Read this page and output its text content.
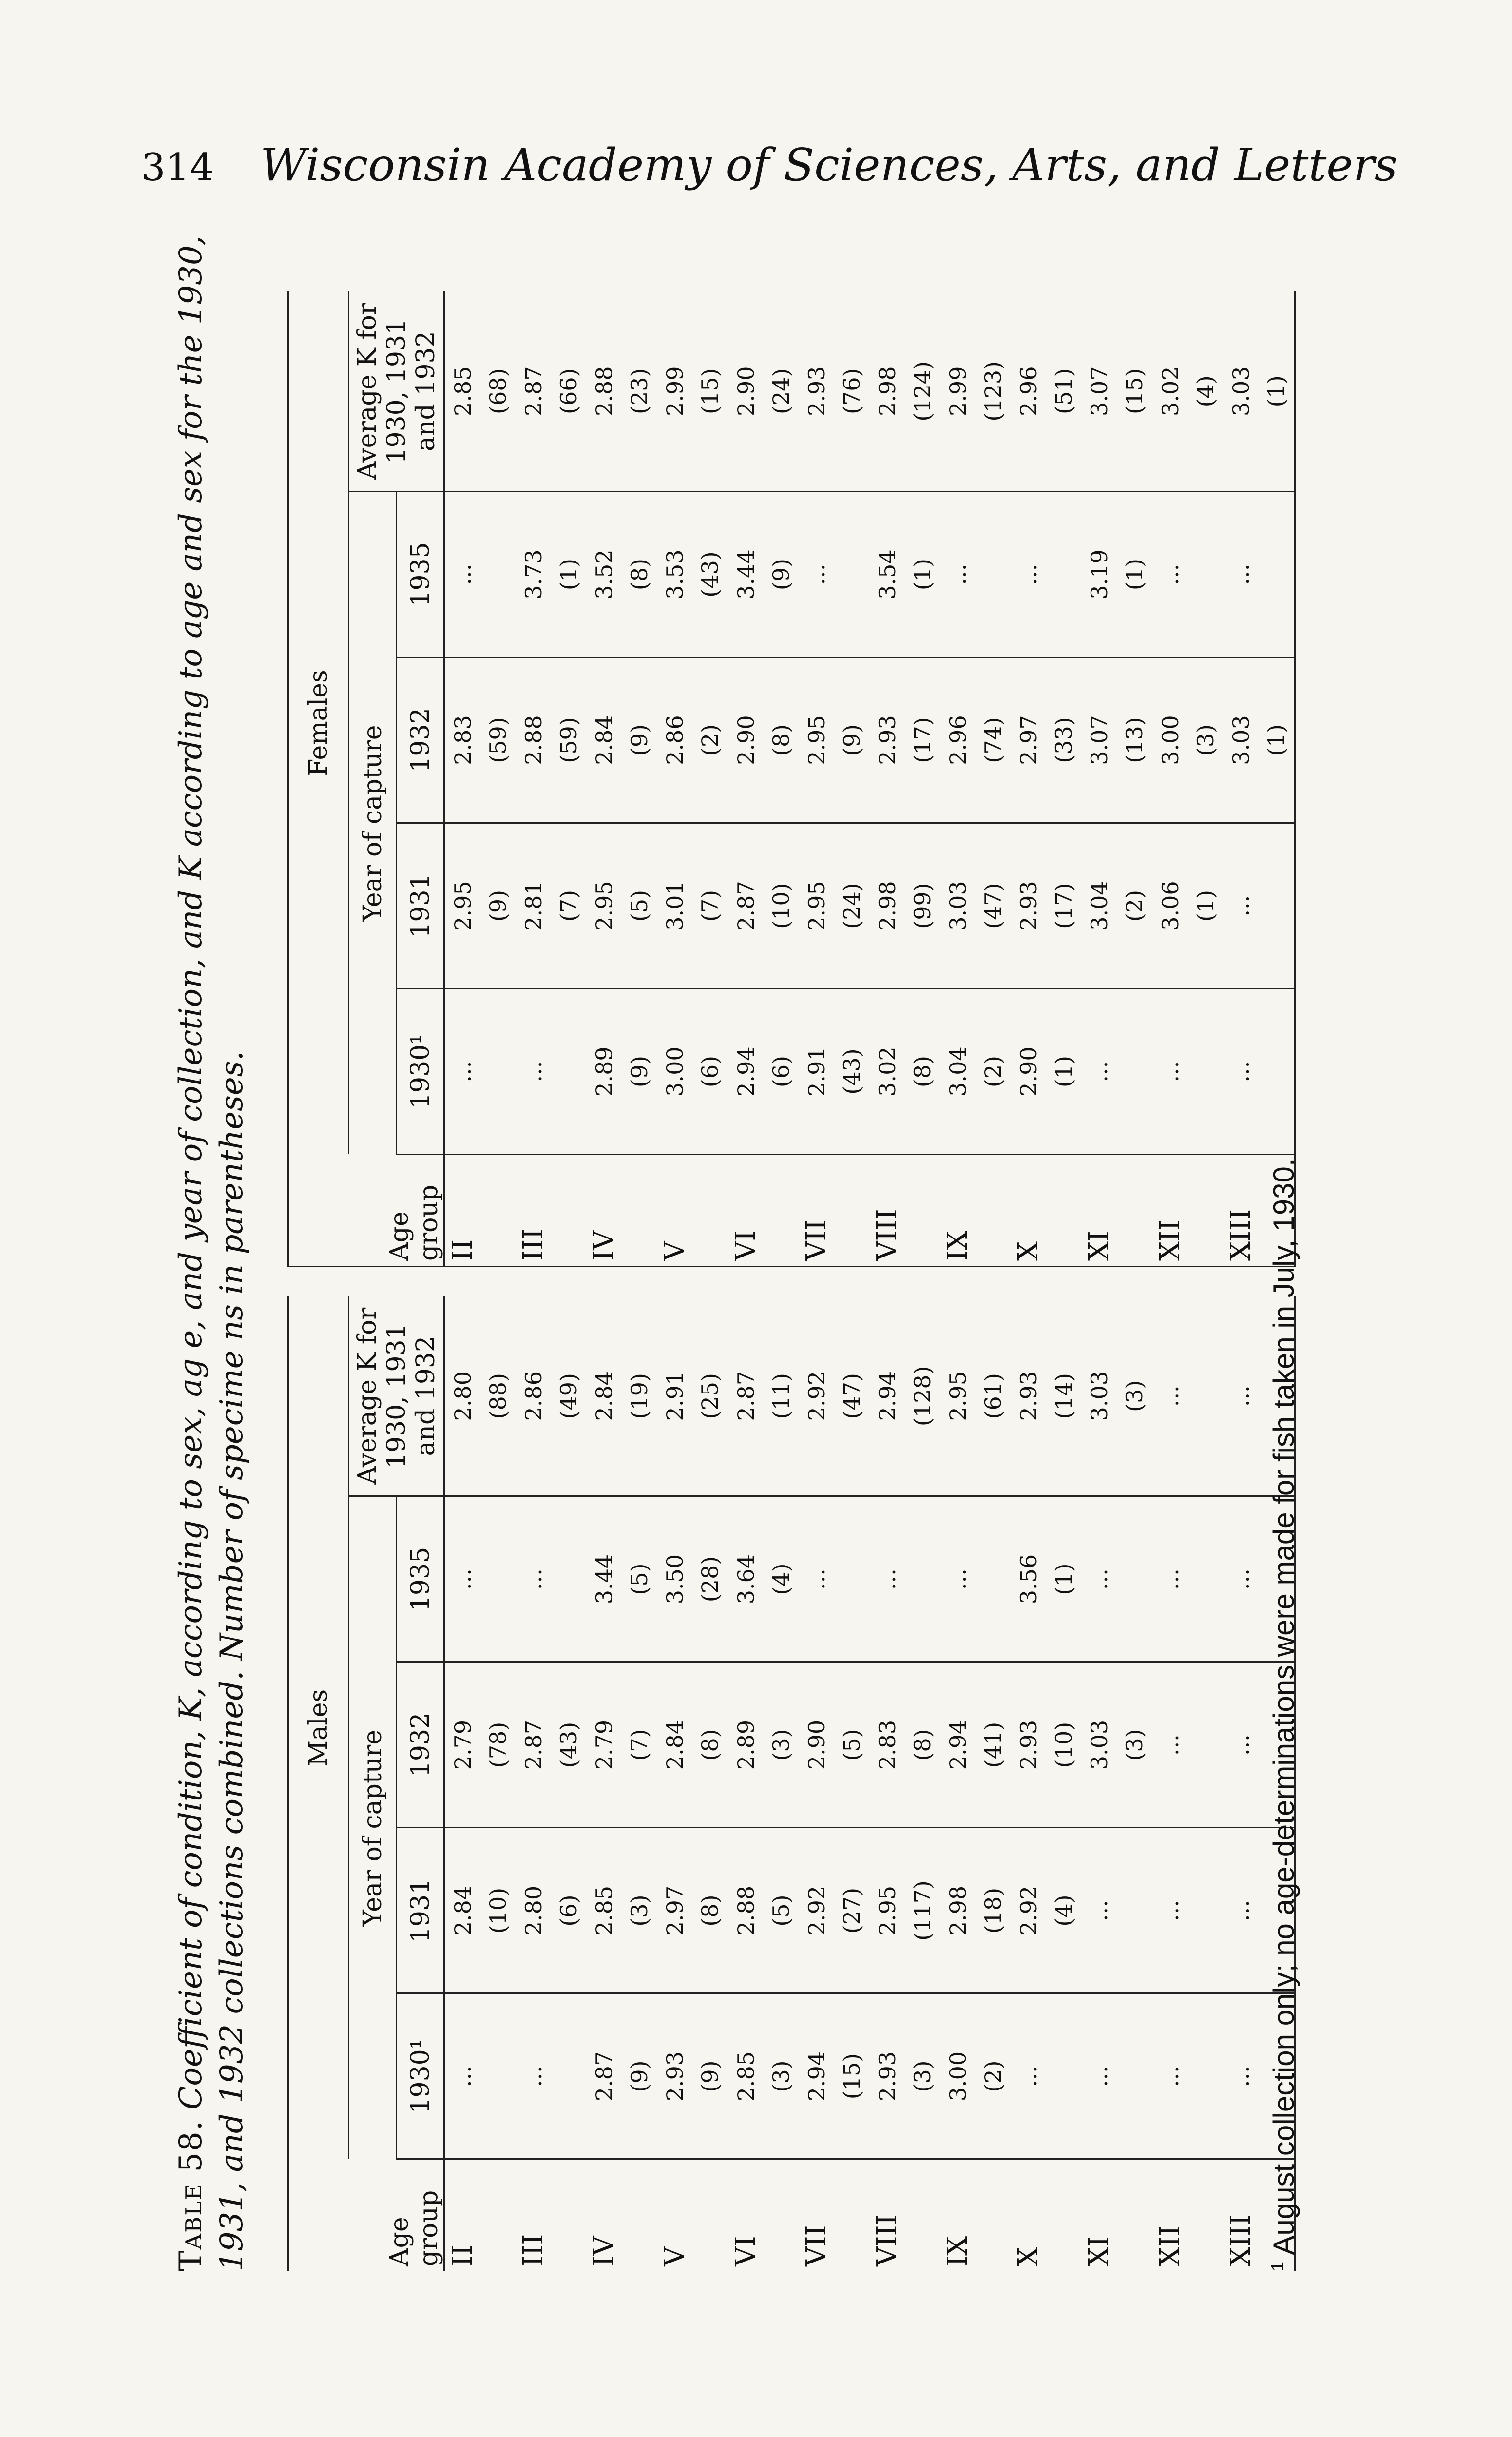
314 Wisconsin Academy of Sciences, Arts, and Letters
Table 58. Coefficient of condition, K, according to sex, ag e, and year of collection, and K according to age and sex for the 1930, 1931, and 1932 collections combined. Number of specime ns in parentheses.	Age group	Males				
	Year of capture				Average K for 1930, 1931 and 1932
	1930¹	1931	1932	1935	

II	...	2.84 (10)	2.79 (78)	...	2.80 (88)

III	...	2.80 (6)	2.87 (43)	...	2.86 (49)

IV	2.87 (9)	2.85 (3)	2.79 (7)	3.44 (5)	2.84 (19)

V	2.93 (9)	2.97 (8)	2.84 (8)	3.50 (28)	2.91 (25)

VI	2.85 (3)	2.88 (5)	2.89 (3)	3.64 (4)	2.87 (11)

VII	2.94 (15)	2.92 (27)	2.90 (5)	...	2.92 (47)

VIII	2.93 (3)	2.95 (117)	2.83 (8)	...	2.94 (128)

IX	3.00 (2)	2.98 (18)	2.94 (41)	...	2.95 (61)

X	...	2.92 (4)	2.93 (10)	3.56 (1)	2.93 (14)

XI	...	...	3.03 (3)	...	3.03 (3)

XII	...	...	...	...	...

XIII	...	...	...	...	...
Age group	Females				
	Year of capture				Average K for 1930, 1931 and 1932
	1930¹	1931	1932	1935	

II	...	2.95 (9)	2.83 (59)	...	2.85 (68)

III	...	2.81 (7)	2.88 (59)	3.73 (1)	2.87 (66)

IV	2.89 (9)	2.95 (5)	2.84 (9)	3.52 (8)	2.88 (23)

V	3.00 (6)	3.01 (7)	2.86 (2)	3.53 (43)	2.99 (15)

VI	2.94 (6)	2.87 (10)	2.90 (8)	3.44 (9)	2.90 (24)

VII	2.91 (43)	2.95 (24)	2.95 (9)	...	2.93 (76)

VIII	3.02 (8)	2.98 (99)	2.93 (17)	3.54 (1)	2.98 (124)

IX	3.04 (2)	3.03 (47)	2.96 (74)	...	2.99 (123)

X	2.90 (1)	2.93 (17)	2.97 (33)	...	2.96 (51)

XI	...	3.04 (2)	3.07 (13)	3.19 (1)	3.07 (15)

XII	...	3.06 (1)	3.00 (3)	...	3.02 (4)

XIII	...	...	3.03 (1)	...	3.03 (1)
$^1$ August collection only; no age-determinations were made for fish taken in July, 1930.
